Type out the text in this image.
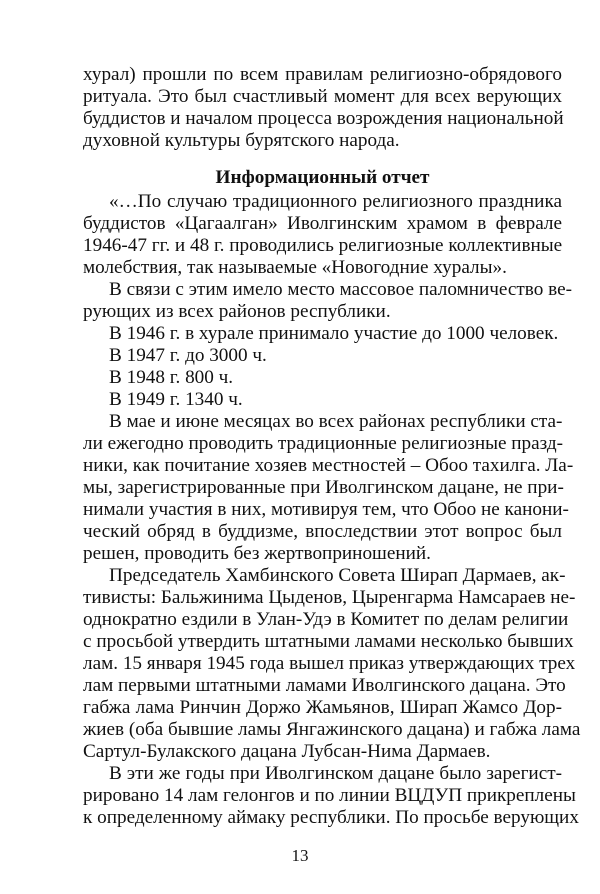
хурал) прошли по всем правилам религиозно-обрядового
ритуала. Это был счастливый момент для всех верующих
буддистов и началом процесса возрождения национальной
духовной культуры бурятского народа.
Информационный отчет
«…По случаю традиционного религиозного праздника
буддистов «Цагаалган» Иволгинским храмом в феврале
1946-47 гг. и 48 г. проводились религиозные коллективные
молебствия, так называемые «Новогодние хуралы».
В связи с этим имело место массовое паломничество ве-
рующих из всех районов республики.
В 1946 г. в хурале принимало участие до 1000 человек.
В 1947 г. до 3000 ч.
В 1948 г. 800 ч.
В 1949 г. 1340 ч.
В мае и июне месяцах во всех районах республики ста-
ли ежегодно проводить традиционные религиозные празд-
ники, как почитание хозяев местностей – Обоо тахилга. Ла-
мы, зарегистрированные при Иволгинском дацане, не при-
нимали участия в них, мотивируя тем, что Обоо не канони-
ческий обряд в буддизме, впоследствии этот вопрос был
решен, проводить без жертвоприношений.
Председатель Хамбинского Совета Ширап Дармаев, ак-
тивисты: Бальжинима Цыденов, Цыренгарма Намсараев не-
однократно ездили в Улан-Удэ в Комитет по делам религии
с просьбой утвердить штатными ламами несколько бывших
лам. 15 января 1945 года вышел приказ утверждающих трех
лам первыми штатными ламами Иволгинского дацана. Это
габжа лама Ринчин Доржо Жамьянов, Ширап Жамсо Дор-
жиев (оба бывшие ламы Янгажинского дацана) и габжа лама
Сартул-Булакского дацана Лубсан-Нима Дармаев.
В эти же годы при Иволгинском дацане было зарегист-
рировано 14 лам гелонгов и по линии ВЦДУП прикреплены
к определенному аймаку республики. По просьбе верующих
13
